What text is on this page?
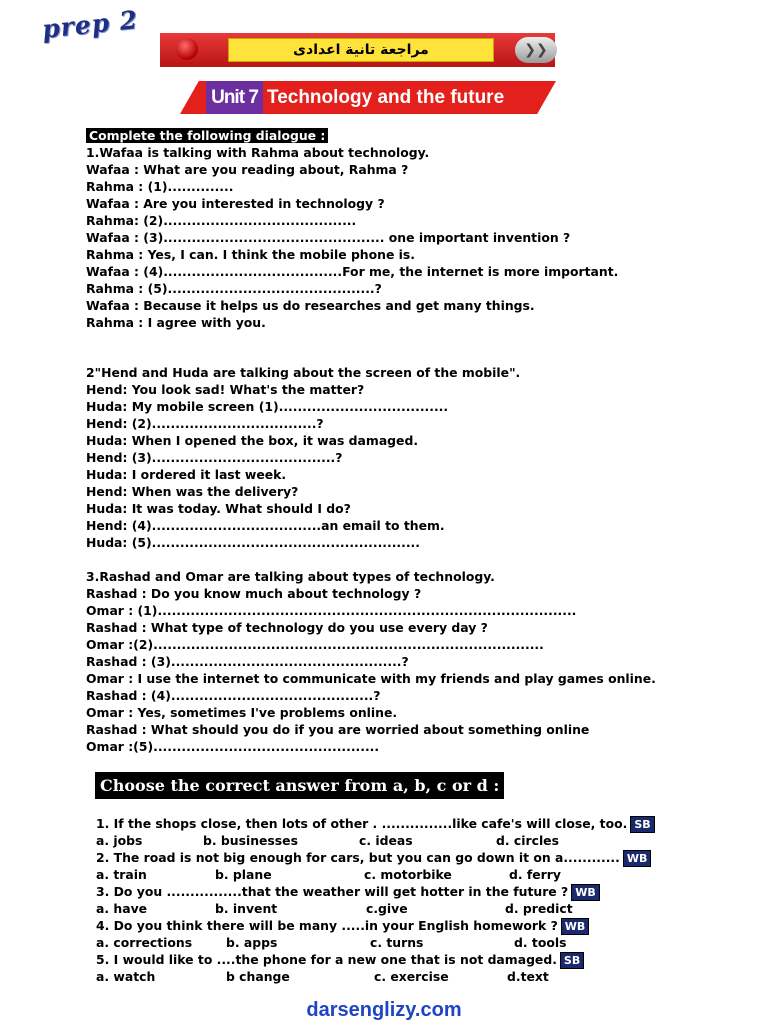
prep 2
مراجعة تانية اعدادى	❯❯
Unit 7 Technology and the future
Complete the following dialogue :
1.Wafaa is talking with Rahma about technology.
Wafaa : What are you reading about, Rahma ?
Rahma : (1)..............
Wafaa : Are you interested in technology ?
Rahma: (2).........................................
Wafaa : (3)............................................... one important invention ?
Rahma : Yes, I can. I think the mobile phone is.
Wafaa : (4)......................................For me, the internet is more important.
Rahma : (5)............................................?
Wafaa : Because it helps us do researches and get many things.
Rahma : I agree with you.
2"Hend and Huda are talking about the screen of the mobile".
Hend: You look sad! What's the matter?
Huda: My mobile screen (1)....................................
Hend: (2)...................................?
Huda: When I opened the box, it was damaged.
Hend: (3).......................................?
Huda: I ordered it last week.
Hend: When was the delivery?
Huda: It was today. What should I do?
Hend: (4)....................................an email to them.
Huda: (5).........................................................
3.Rashad and Omar are talking about types of technology.
Rashad : Do you know much about technology ?
Omar : (1).........................................................................................
Rashad : What type of technology do you use every day ?
Omar :(2)...................................................................................
Rashad : (3).................................................?
Omar : I use the internet to communicate with my friends and play games online.
Rashad : (4)...........................................?
Omar : Yes, sometimes I've problems online.
Rashad : What should you do if you are worried about something online
Omar :(5)................................................
Choose the correct answer from a, b, c or d :
1. If the shops close, then lots of other . ...............like cafe's will close, too. SB
a. jobs	b. businesses	c. ideas	d. circles
2. The road is not big enough for cars, but you can go down it on a............ WB
a. train	b. plane	c. motorbike	d. ferry
3. Do you ................that the weather will get hotter in the future ? WB
a. have	b. invent	c.give	d. predict
4. Do you think there will be many .....in your English homework ? WB
a. corrections	b. apps	c. turns	d. tools
5. I would like to ....the phone for a new one that is not damaged. SB
a. watch	b change	c. exercise	d.text
darsenglizy.com
